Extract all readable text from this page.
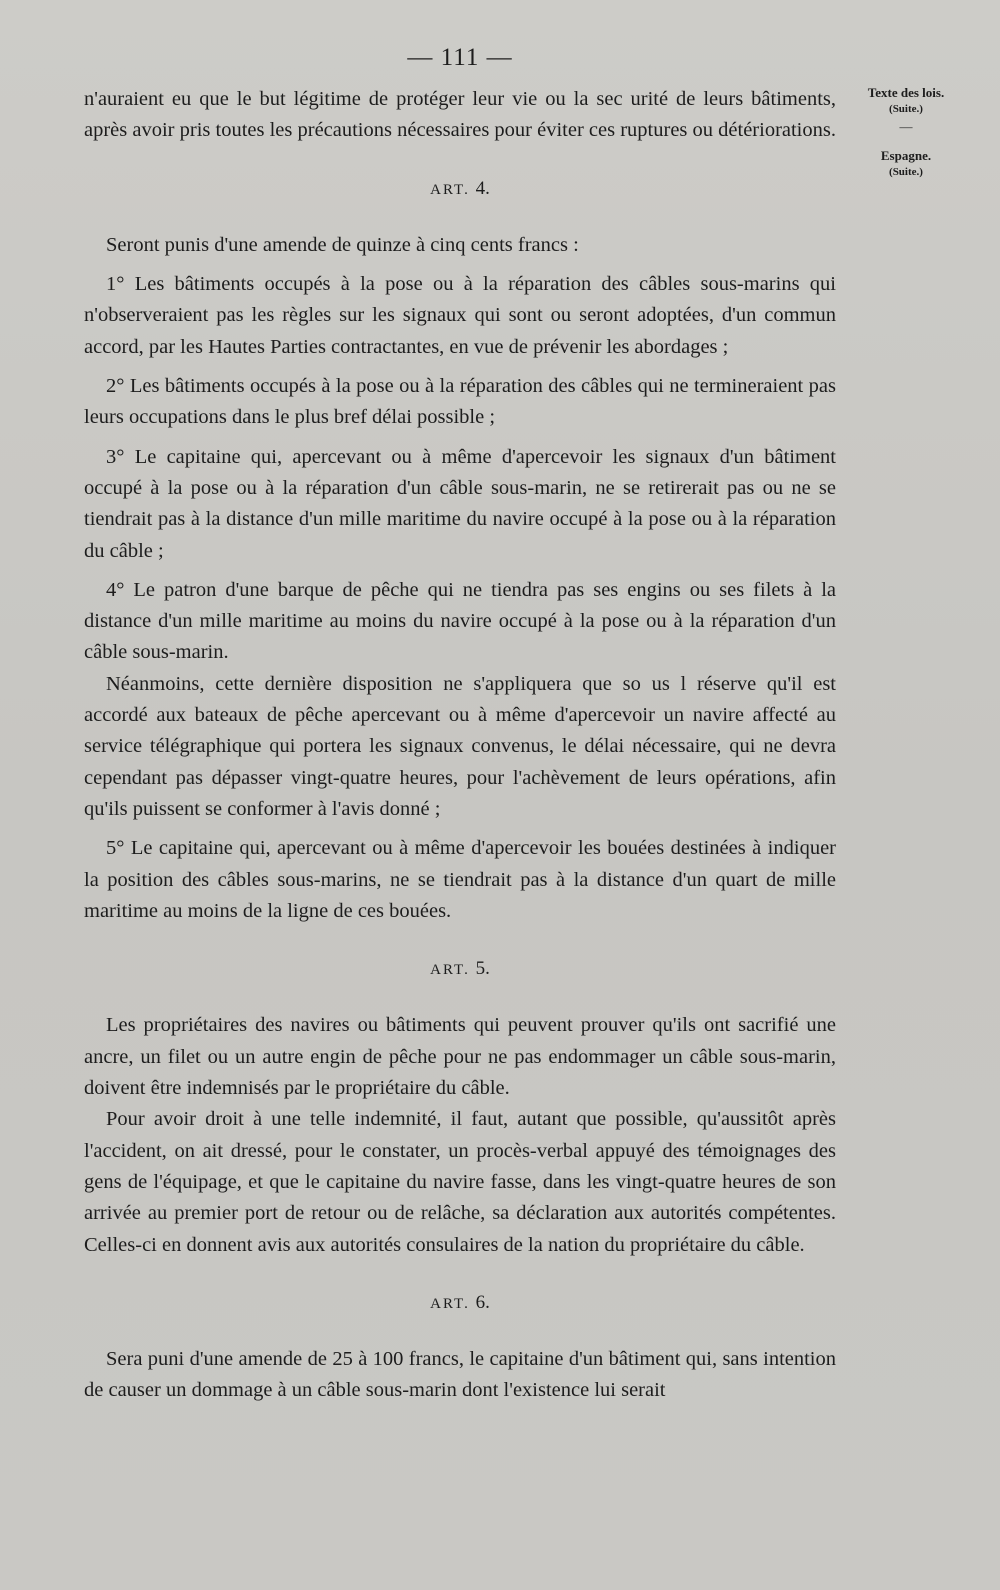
— 111 —
Texte des lois.
(Suite.)
—
Espagne.
(Suite.)

n'auraient eu que le but légitime de protéger leur vie ou la sec urité de leurs bâtiments, après avoir pris toutes les précautions nécessaires pour éviter ces ruptures ou détériorations.

ART. 4.

Seront punis d'une amende de quinze à cinq cents francs :

1° Les bâtiments occupés à la pose ou à la réparation des câbles sous-marins qui n'observeraient pas les règles sur les signaux qui sont ou seront adoptées, d'un commun accord, par les Hautes Parties contractantes, en vue de prévenir les abordages ;

2° Les bâtiments occupés à la pose ou à la réparation des câbles qui ne termineraient pas leurs occupations dans le plus bref délai possible ;

3° Le capitaine qui, apercevant ou à même d'apercevoir les signaux d'un bâtiment occupé à la pose ou à la réparation d'un câble sous-marin, ne se retirerait pas ou ne se tiendrait pas à la distance d'un mille maritime du navire occupé à la pose ou à la réparation du câble ;

4° Le patron d'une barque de pêche qui ne tiendra pas ses engins ou ses filets à la distance d'un mille maritime au moins du navire occupé à la pose ou à la réparation d'un câble sous-marin.

Néanmoins, cette dernière disposition ne s'appliquera que so us l réserve qu'il est accordé aux bateaux de pêche apercevant ou à même d'apercevoir un navire affecté au service télégraphique qui portera les signaux convenus, le délai nécessaire, qui ne devra cependant pas dépasser vingt-quatre heures, pour l'achèvement de leurs opérations, afin qu'ils puissent se conformer à l'avis donné ;

5° Le capitaine qui, apercevant ou à même d'apercevoir les bouées destinées à indiquer la position des câbles sous-marins, ne se tiendrait pas à la distance d'un quart de mille maritime au moins de la ligne de ces bouées.

ART. 5.

Les propriétaires des navires ou bâtiments qui peuvent prouver qu'ils ont sacrifié une ancre, un filet ou un autre engin de pêche pour ne pas endommager un câble sous-marin, doivent être indemnisés par le propriétaire du câble.

Pour avoir droit à une telle indemnité, il faut, autant que possible, qu'aussitôt après l'accident, on ait dressé, pour le constater, un procès-verbal appuyé des témoignages des gens de l'équipage, et que le capitaine du navire fasse, dans les vingt-quatre heures de son arrivée au premier port de retour ou de relâche, sa déclaration aux autorités compétentes. Celles-ci en donnent avis aux autorités consulaires de la nation du propriétaire du câble.

ART. 6.

Sera puni d'une amende de 25 à 100 francs, le capitaine d'un bâtiment qui, sans intention de causer un dommage à un câble sous-marin dont l'existence lui serait
